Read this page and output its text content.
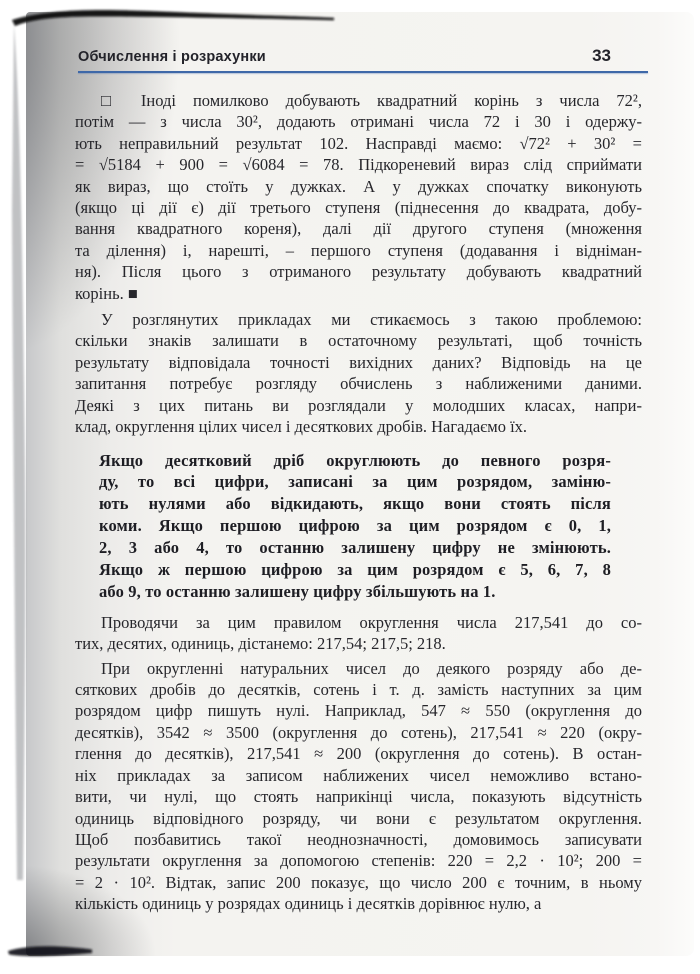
Обчислення і розрахунки	33
□ Іноді помилково добувають квадратний корінь з числа 72²,
потім — з числа 30², додають отримані числа 72 і 30 і одержу-
ють неправильний результат 102. Насправді маємо: √72² + 30² =
= √5184 + 900 = √6084 = 78. Підкореневий вираз слід сприймати
як вираз, що стоїть у дужках. А у дужках спочатку виконують
(якщо ці дії є) дії третього ступеня (піднесення до квадрата, добу-
вання квадратного кореня), далі дії другого ступеня (множення
та ділення) і, нарешті, – першого ступеня (додавання і відніман-
ня). Після цього з отриманого результату добувають квадратний
корінь. ■
У розглянутих прикладах ми стикаємось з такою проблемою:
скільки знаків залишати в остаточному результаті, щоб точність
результату відповідала точності вихідних даних? Відповідь на це
запитання потребує розгляду обчислень з наближеними даними.
Деякі з цих питань ви розглядали у молодших класах, напри-
клад, округлення цілих чисел і десяткових дробів. Нагадаємо їх.
Якщо десятковий дріб округлюють до певного розря-
ду, то всі цифри, записані за цим розрядом, заміню-
ють нулями або відкидають, якщо вони стоять після
коми. Якщо першою цифрою за цим розрядом є 0, 1,
2, 3 або 4, то останню залишену цифру не змінюють.
Якщо ж першою цифрою за цим розрядом є 5, 6, 7, 8
або 9, то останню залишену цифру збільшують на 1.
Проводячи за цим правилом округлення числа 217,541 до со-
тих, десятих, одиниць, дістанемо: 217,54; 217,5; 218.
При округленні натуральних чисел до деякого розряду або де-
сяткових дробів до десятків, сотень і т. д. замість наступних за цим
розрядом цифр пишуть нулі. Наприклад, 547 ≈ 550 (округлення до
десятків), 3542 ≈ 3500 (округлення до сотень), 217,541 ≈ 220 (окру-
глення до десятків), 217,541 ≈ 200 (округлення до сотень). В остан-
ніх прикладах за записом наближених чисел неможливо встано-
вити, чи нулі, що стоять наприкінці числа, показують відсутність
одиниць відповідного розряду, чи вони є результатом округлення.
Щоб позбавитись такої неоднозначності, домовимось записувати
результати округлення за допомогою степенів: 220 = 2,2 · 10²; 200 =
= 2 · 10². Відтак, запис 200 показує, що число 200 є точним, в ньому
кількість одиниць у розрядах одиниць і десятків дорівнює нулю, а
